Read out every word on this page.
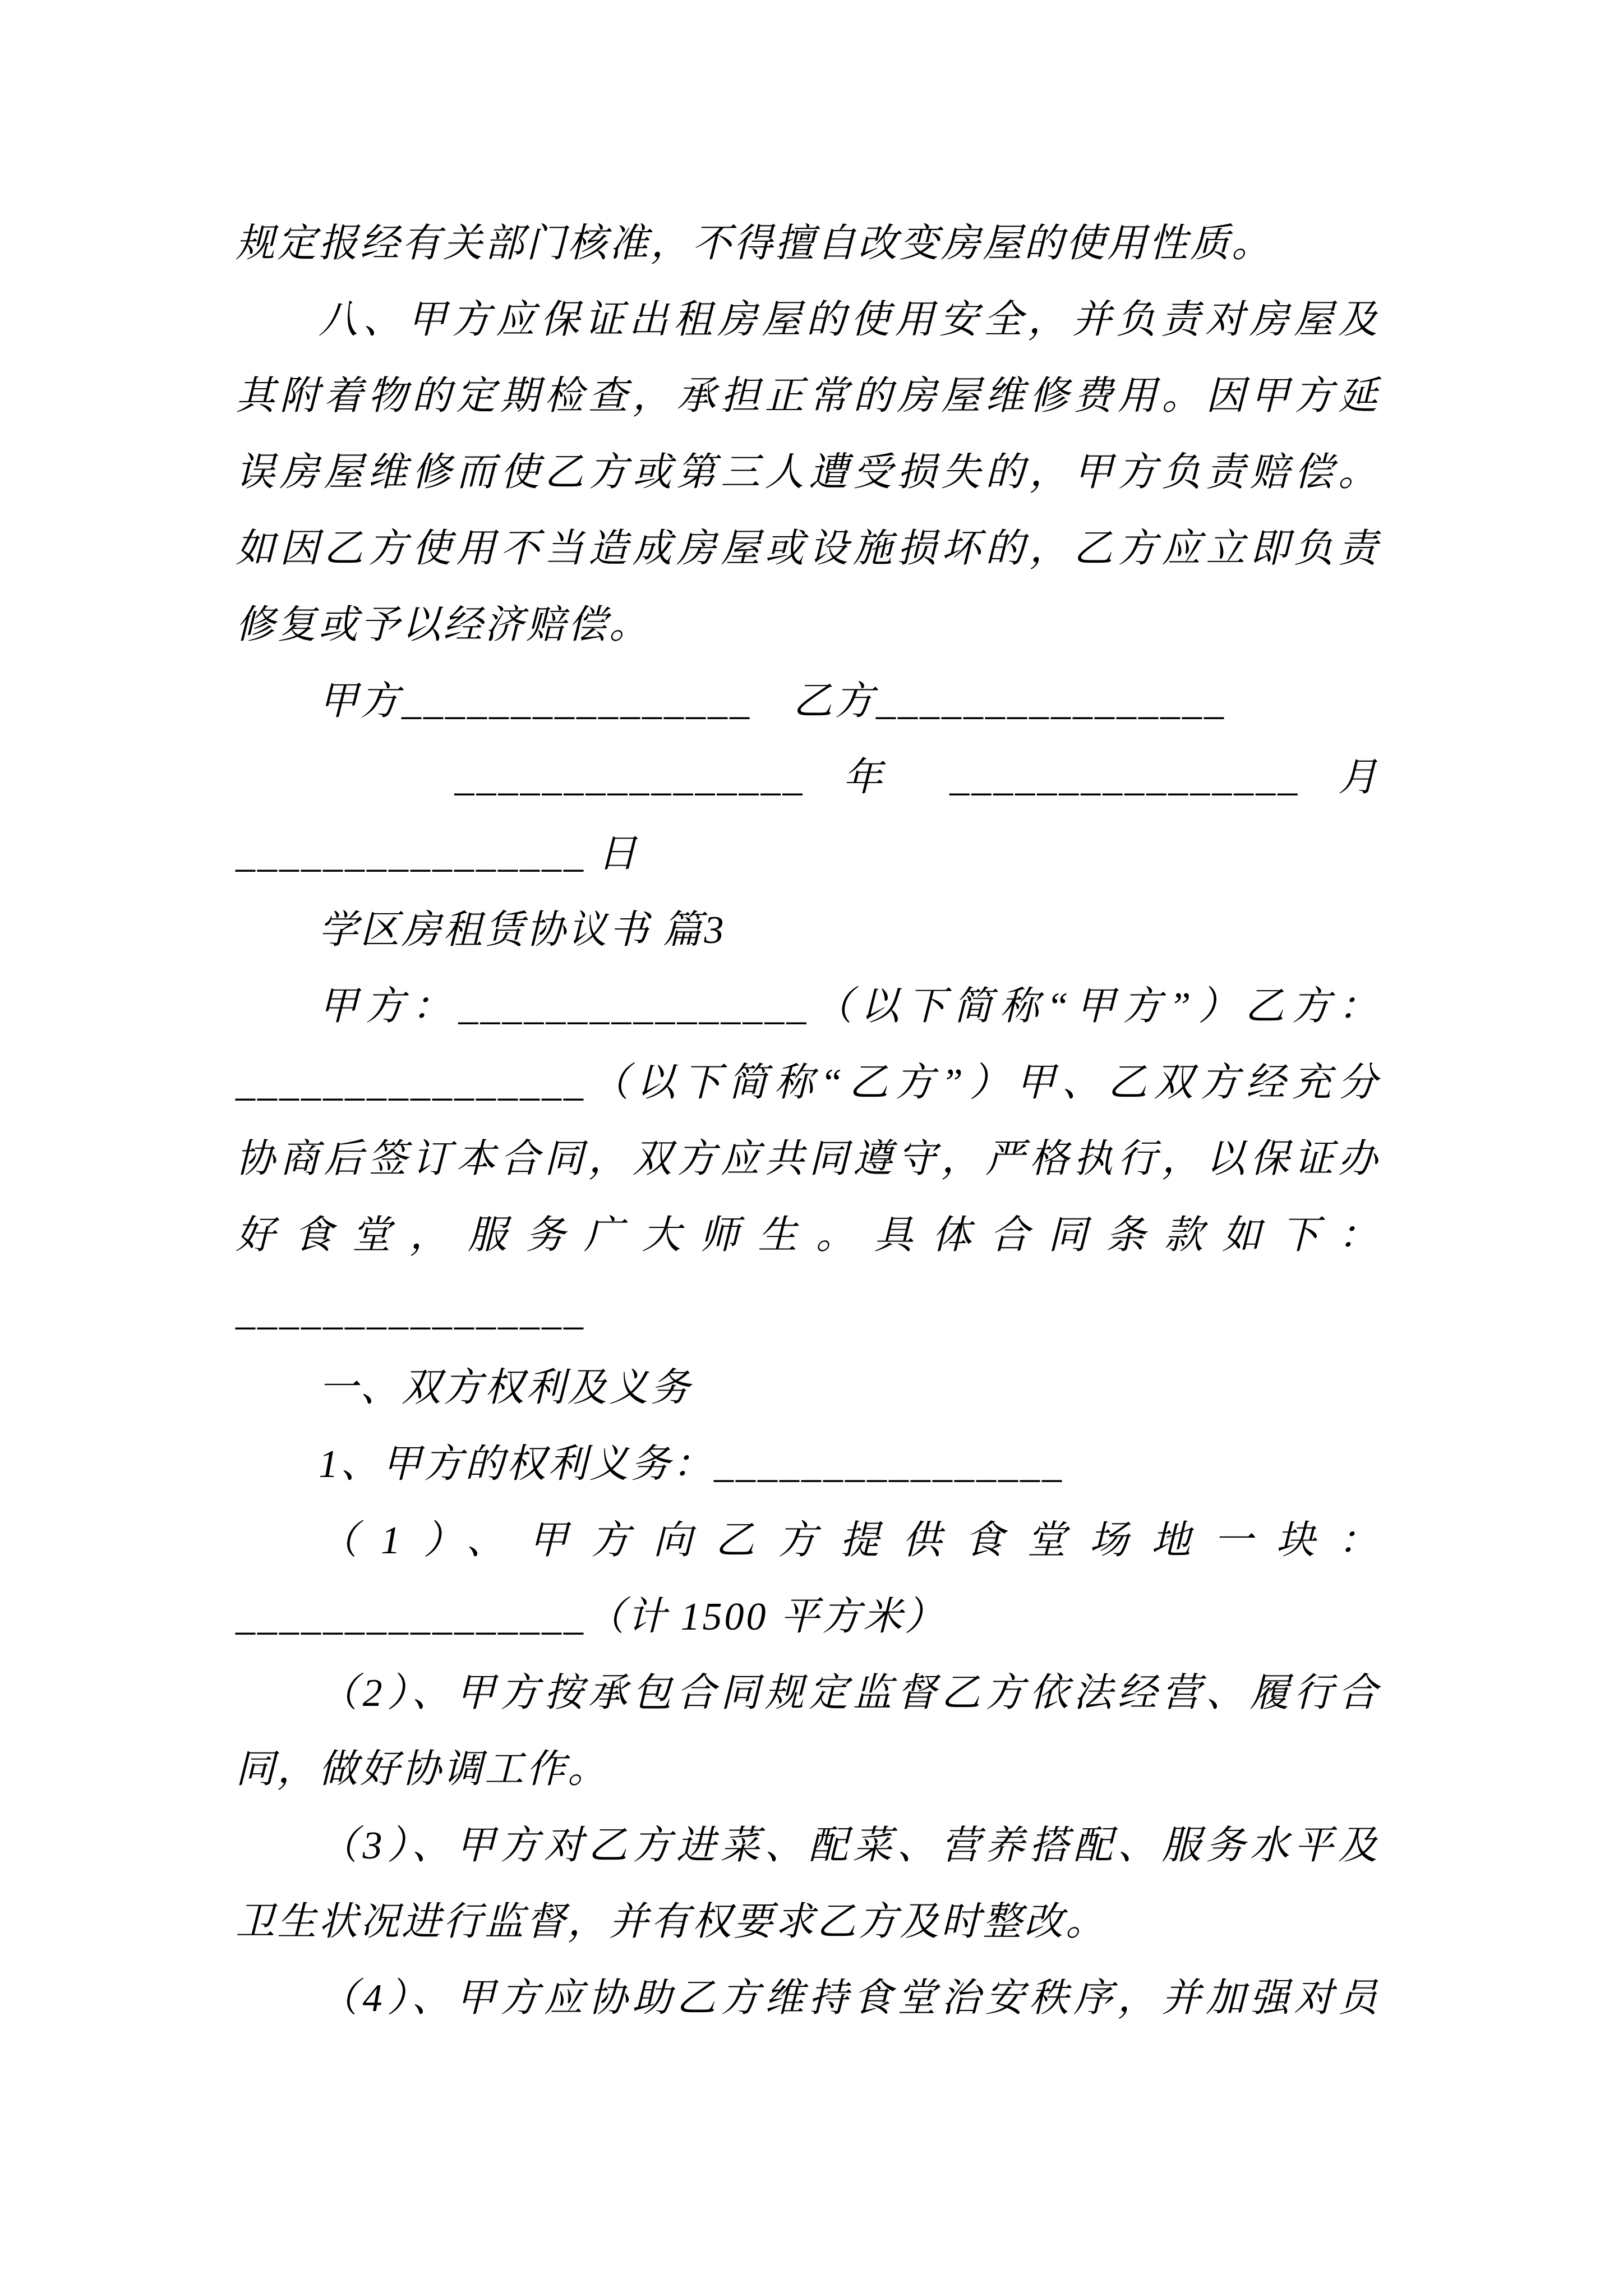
规定报经有关部门核准，不得擅自改变房屋的使用性质。
八、甲方应保证出租房屋的使用安全，并负责对房屋及
其附着物的定期检查，承担正常的房屋维修费用。因甲方延
误房屋维修而使乙方或第三人遭受损失的，甲方负责赔偿。
如因乙方使用不当造成房屋或设施损坏的，乙方应立即负责
修复或予以经济赔偿。
甲方________________　乙方________________
　　________________ 年 ________________ 月
________________ 日
学区房租赁协议书 篇3
甲方：________________（以下简称“甲方”）乙方：
________________（以下简称“乙方”）甲、乙双方经充分
协商后签订本合同，双方应共同遵守，严格执行，以保证办
好食堂，服务广大师生。具体合同条款如下：
________________
一、双方权利及义务
1、甲方的权利义务：________________
（1）、甲方向乙方提供食堂场地一块：
________________（计 1500 平方米）
（2）、甲方按承包合同规定监督乙方依法经营、履行合
同，做好协调工作。
（3）、甲方对乙方进菜、配菜、营养搭配、服务水平及
卫生状况进行监督，并有权要求乙方及时整改。
（4）、甲方应协助乙方维持食堂治安秩序，并加强对员
